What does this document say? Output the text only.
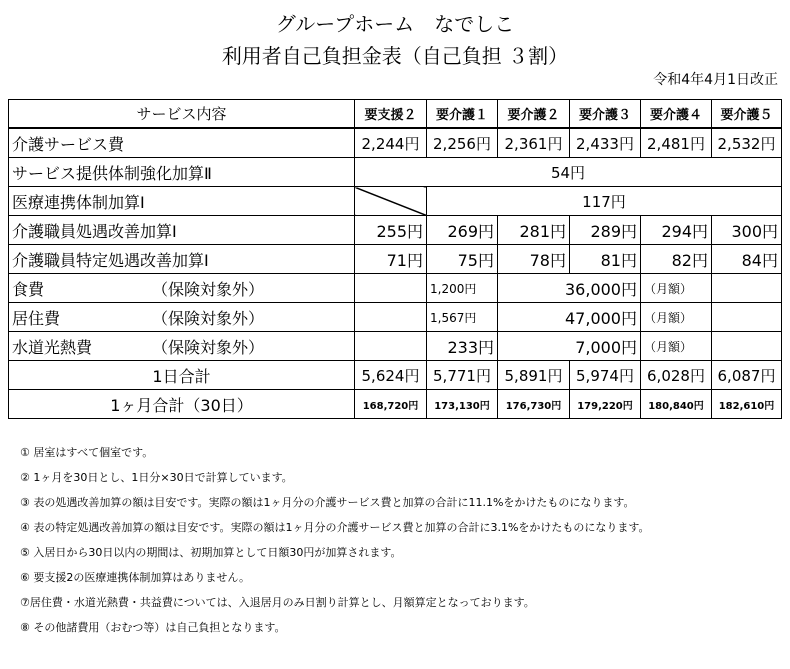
グループホーム　なでしこ
利用者自己負担金表（自己負担 ３割）
令和4年4月1日改正
サービス内容	要支援２	要介護１	要介護２	要介護３	要介護４	要介護５
介護サービス費	2,244円	2,256円	2,361円	2,433円	2,481円	2,532円
サービス提供体制強化加算Ⅱ	54円					
医療連携体制加算Ⅰ		117円				
介護職員処遇改善加算Ⅰ	255円	269円	281円	289円	294円	300円
介護職員特定処遇改善加算Ⅰ	71円	75円	78円	81円	82円	84円
食費 （保険対象外）		1,200円	36,000円		（月額）	
居住費 （保険対象外）		1,567円	47,000円		（月額）	
水道光熱費 （保険対象外）		233円	7,000円		（月額）	
1日合計	5,624円	5,771円	5,891円	5,974円	6,028円	6,087円
1ヶ月合計（30日）	168,720円	173,130円	176,730円	179,220円	180,840円	182,610円
① 居室はすべて個室です。
② 1ヶ月を30日とし、1日分×30日で計算しています。
③ 表の処遇改善加算の額は目安です。実際の額は1ヶ月分の介護サービス費と加算の合計に11.1%をかけたものになります。
④ 表の特定処遇改善加算の額は目安です。実際の額は1ヶ月分の介護サービス費と加算の合計に3.1%をかけたものになります。
⑤ 入居日から30日以内の期間は、初期加算として日額30円が加算されます。
⑥ 要支援2の医療連携体制加算はありません。
⑦居住費・水道光熱費・共益費については、入退居月のみ日割り計算とし、月額算定となっております。
⑧ その他諸費用（おむつ等）は自己負担となります。
